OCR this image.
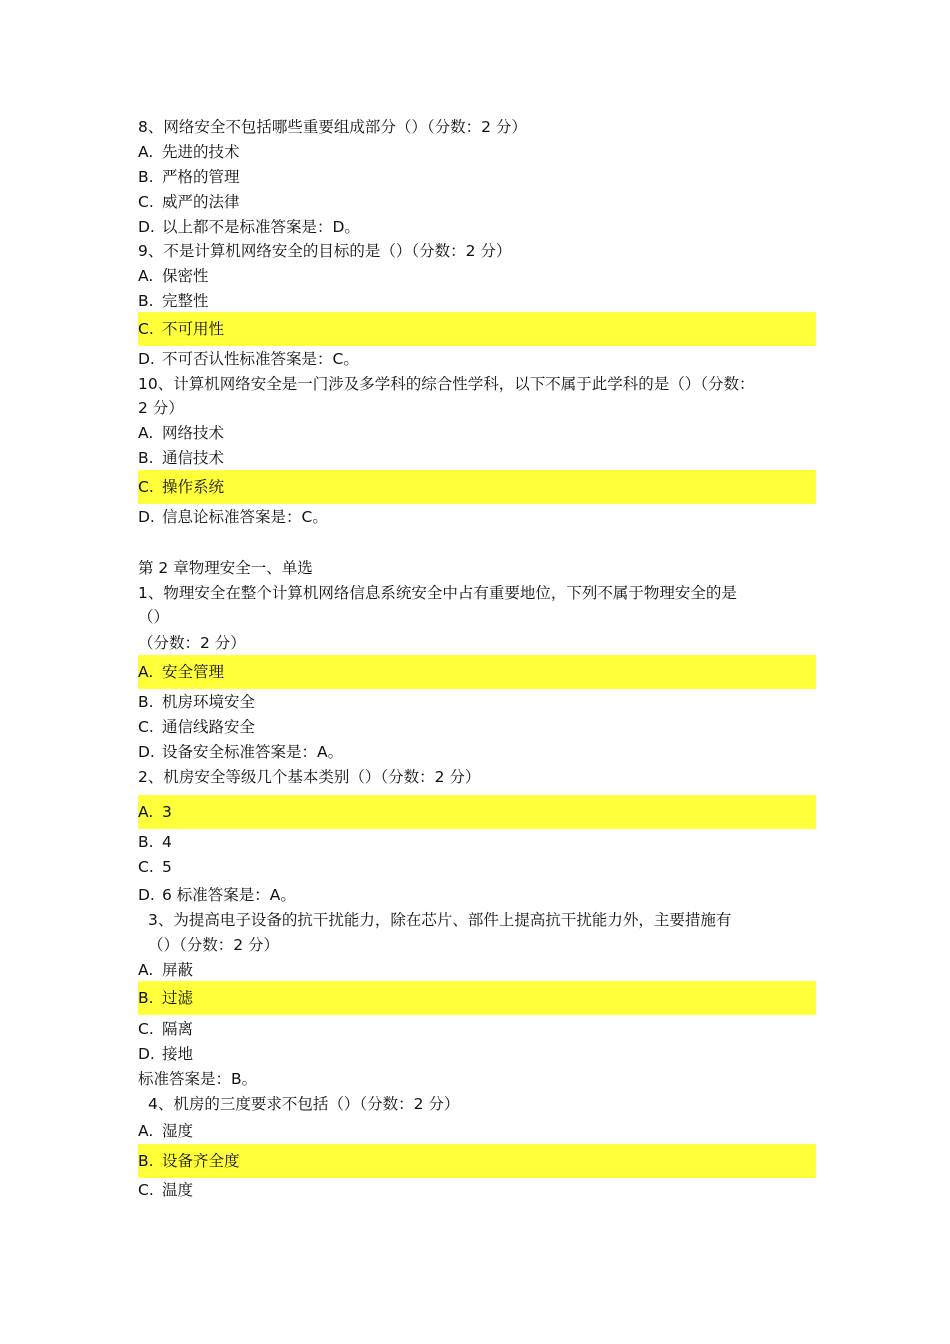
8、网络安全不包括哪些重要组成部分（）（分数：2 分）
A. 先进的技术
B. 严格的管理
C. 威严的法律
D. 以上都不是标准答案是：D。
9、不是计算机网络安全的目标的是（）（分数：2 分）
A. 保密性
B. 完整性
C. 不可用性
D. 不可否认性标准答案是：C。
10、计算机网络安全是一门涉及多学科的综合性学科，以下不属于此学科的是（）（分数：
2 分）
A. 网络技术
B. 通信技术
C. 操作系统
D. 信息论标准答案是：C。
第 2 章物理安全一、单选
1、物理安全在整个计算机网络信息系统安全中占有重要地位，下列不属于物理安全的是
（）
（分数：2 分）
A. 安全管理
B. 机房环境安全
C. 通信线路安全
D. 设备安全标准答案是：A。
2、机房安全等级几个基本类别（）（分数：2 分）
A. 3
B. 4
C. 5
D. 6 标准答案是：A。
3、为提高电子设备的抗干扰能力，除在芯片、部件上提高抗干扰能力外，主要措施有
（）（分数：2 分）
A. 屏蔽
B. 过滤
C. 隔离
D. 接地
标准答案是：B。
4、机房的三度要求不包括（）（分数：2 分）
A. 湿度
B. 设备齐全度
C. 温度
